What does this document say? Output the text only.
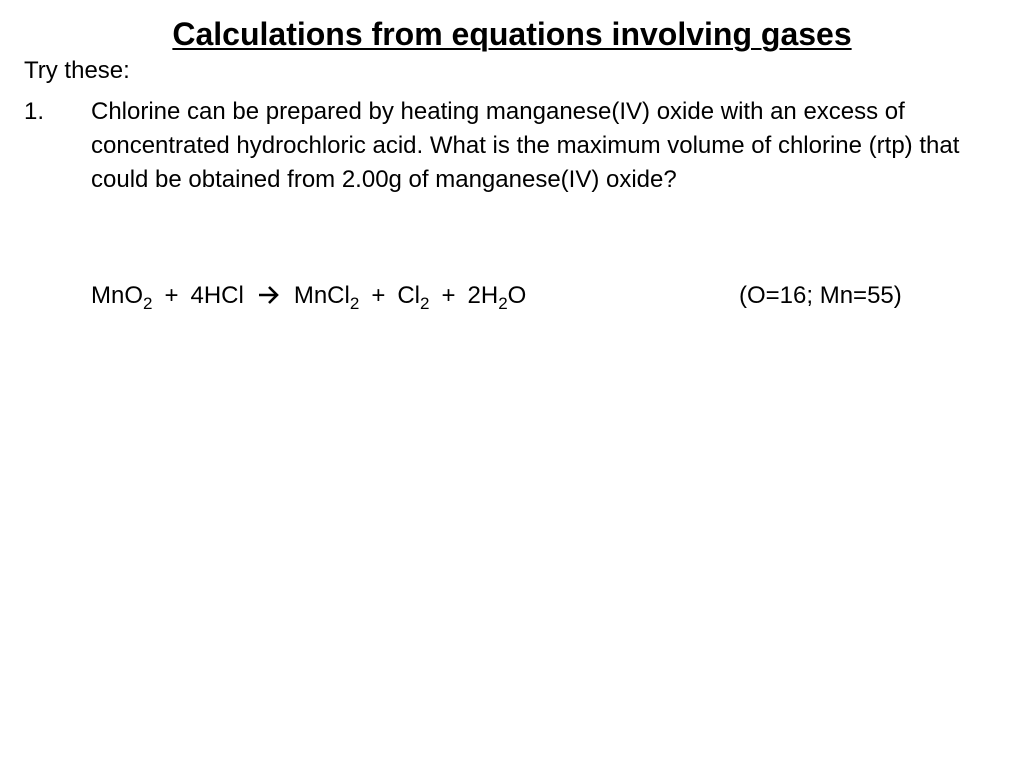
Calculations from equations involving gases
Try these:
1. Chlorine can be prepared by heating manganese(IV) oxide with an excess of concentrated hydrochloric acid. What is the maximum volume of chlorine (rtp) that could be obtained from 2.00g of manganese(IV) oxide?
MnO$_2$ + 4HCl MnCl$_2$ + $Cl_2 + 2H_2O$	(O=16; Mn=55)
